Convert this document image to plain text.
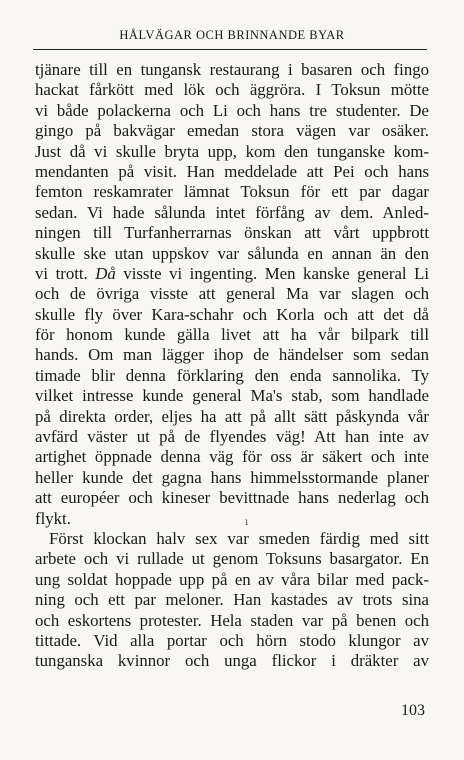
HÅLVÄGAR OCH BRINNANDE BYAR
tjänare till en tungansk restaurang i basaren och fingo
hackat fårkött med lök och äggröra. I Toksun mötte
vi både polackerna och Li och hans tre studenter. De
gingo på bakvägar emedan stora vägen var osäker.
Just då vi skulle bryta upp, kom den tunganske kom-
mendanten på visit. Han meddelade att Pei och hans
femton reskamrater lämnat Toksun för ett par dagar
sedan. Vi hade sålunda intet förfång av dem. Anled-
ningen till Turfanherrarnas önskan att vårt uppbrott
skulle ske utan uppskov var sålunda en annan än den
vi trott. Då visste vi ingenting. Men kanske general Li
och de övriga visste att general Ma var slagen och
skulle fly över Kara-schahr och Korla och att det då
för honom kunde gälla livet att ha vår bilpark till
hands. Om man lägger ihop de händelser som sedan
timade blir denna förklaring den enda sannolika. Ty
vilket intresse kunde general Ma's stab, som handlade
på direkta order, eljes ha att på allt sätt påskynda vår
avfärd väster ut på de flyendes väg! Att han inte av
artighet öppnade denna väg för oss är säkert och inte
heller kunde det gagna hans himmelsstormande planer
att européer och kineser bevittnade hans nederlag och
flykt.
Först klockan halv sex var smeden färdig med sitt
arbete och vi rullade ut genom Toksuns basargator. En
ung soldat hoppade upp på en av våra bilar med pack-
ning och ett par meloner. Han kastades av trots sina
och eskortens protester. Hela staden var på benen och
tittade. Vid alla portar och hörn stodo klungor av
tunganska kvinnor och unga flickor i dräkter av
ı
103
